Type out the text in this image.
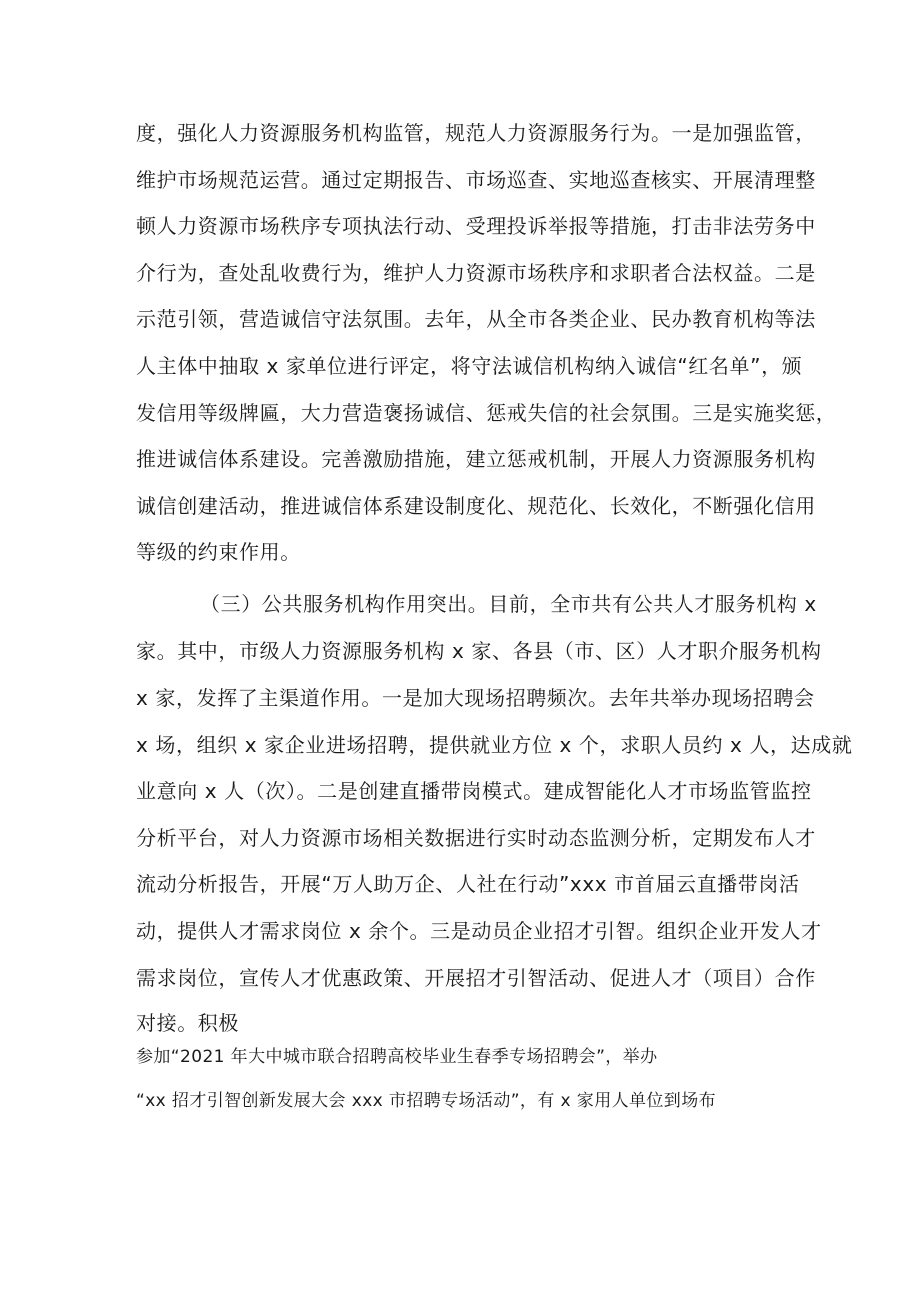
度，强化人力资源服务机构监管，规范人力资源服务行为。一是加强监管，
维护市场规范运营。通过定期报告、市场巡查、实地巡查核实、开展清理整
顿人力资源市场秩序专项执法行动、受理投诉举报等措施，打击非法劳务中
介行为，查处乱收费行为，维护人力资源市场秩序和求职者合法权益。二是
示范引领，营造诚信守法氛围。去年，从全市各类企业、民办教育机构等法
人主体中抽取 x 家单位进行评定，将守法诚信机构纳入诚信“红名单”，颁
发信用等级牌匾，大力营造褒扬诚信、惩戒失信的社会氛围。三是实施奖惩，
推进诚信体系建设。完善激励措施，建立惩戒机制，开展人力资源服务机构
诚信创建活动，推进诚信体系建设制度化、规范化、长效化，不断强化信用
等级的约束作用。
（三）公共服务机构作用突出。目前，全市共有公共人才服务机构 x
家。其中，市级人力资源服务机构 x 家、各县（市、区）人才职介服务机构
x 家，发挥了主渠道作用。一是加大现场招聘频次。去年共举办现场招聘会
x 场，组织 x 家企业进场招聘，提供就业方位 x 个，求职人员约 x 人，达成就
业意向 x 人（次）。二是创建直播带岗模式。建成智能化人才市场监管监控
分析平台，对人力资源市场相关数据进行实时动态监测分析，定期发布人才
流动分析报告，开展“万人助万企、人社在行动”xxx 市首届云直播带岗活
动，提供人才需求岗位 x 余个。三是动员企业招才引智。组织企业开发人才
需求岗位，宣传人才优惠政策、开展招才引智活动、促进人才（项目）合作
对接。积极
参加“2021 年大中城市联合招聘高校毕业生春季专场招聘会”，举办
“xx 招才引智创新发展大会 xxx 市招聘专场活动”，有 x 家用人单位到场布
